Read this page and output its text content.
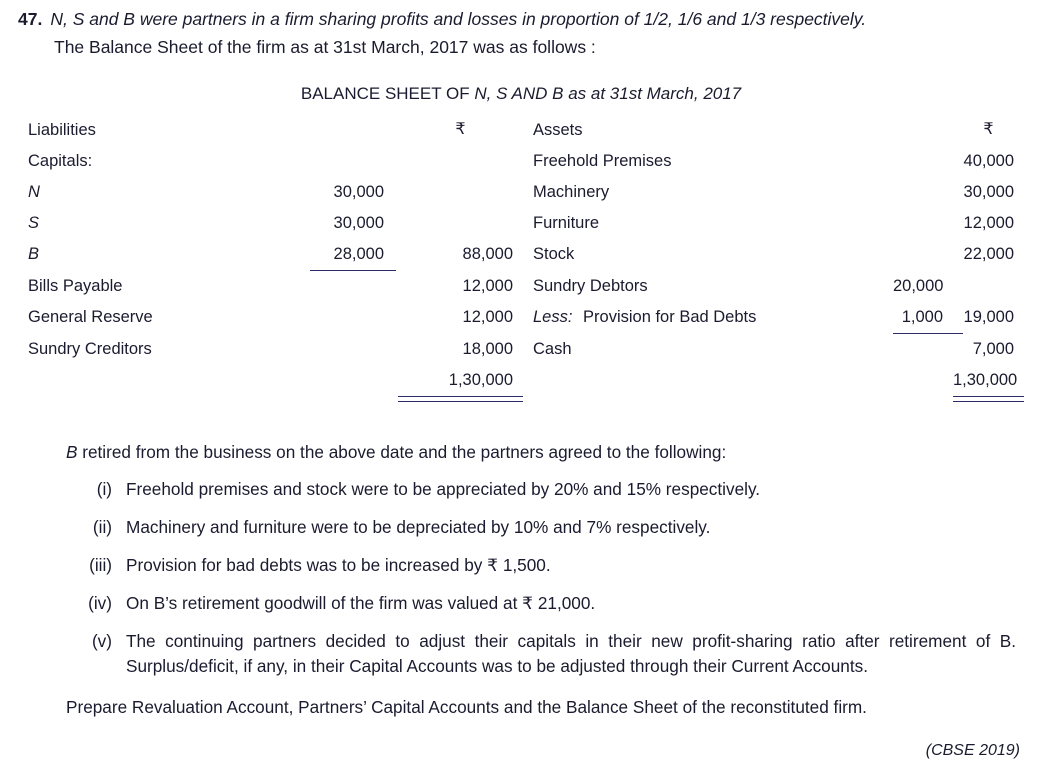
47. N, S and B were partners in a firm sharing profits and losses in proportion of 1/2, 1/6 and 1/3 respectively.
The Balance Sheet of the firm as at 31st March, 2017 was as follows :
BALANCE SHEET OF N, S AND B as at 31st March, 2017
Liabilities	₹	Assets		₹

Capitals:		Freehold Premises		40,000

N 30,000		Machinery		30,000

S 30,000		Furniture		12,000

B 28,000	88,000	Stock		22,000

Bills Payable	12,000	Sundry Debtors	20,000	

General Reserve	12,000	Less: Provision for Bad Debts	1,000	19,000

Sundry Creditors	18,000	Cash		7,000

	1,30,000			1,30,000

B retired from the business on the above date and the partners agreed to the following:
(i) Freehold premises and stock were to be appreciated by 20% and 15% respectively.
(ii) Machinery and furniture were to be depreciated by 10% and 7% respectively.
(iii) Provision for bad debts was to be increased by ₹ 1,500.
(iv) On B’s retirement goodwill of the firm was valued at ₹ 21,000.
(v) The continuing partners decided to adjust their capitals in their new profit-sharing ratio after retirement of B. Surplus/deficit, if any, in their Capital Accounts was to be adjusted through their Current Accounts.
Prepare Revaluation Account, Partners’ Capital Accounts and the Balance Sheet of the reconstituted firm.
(CBSE 2019)
